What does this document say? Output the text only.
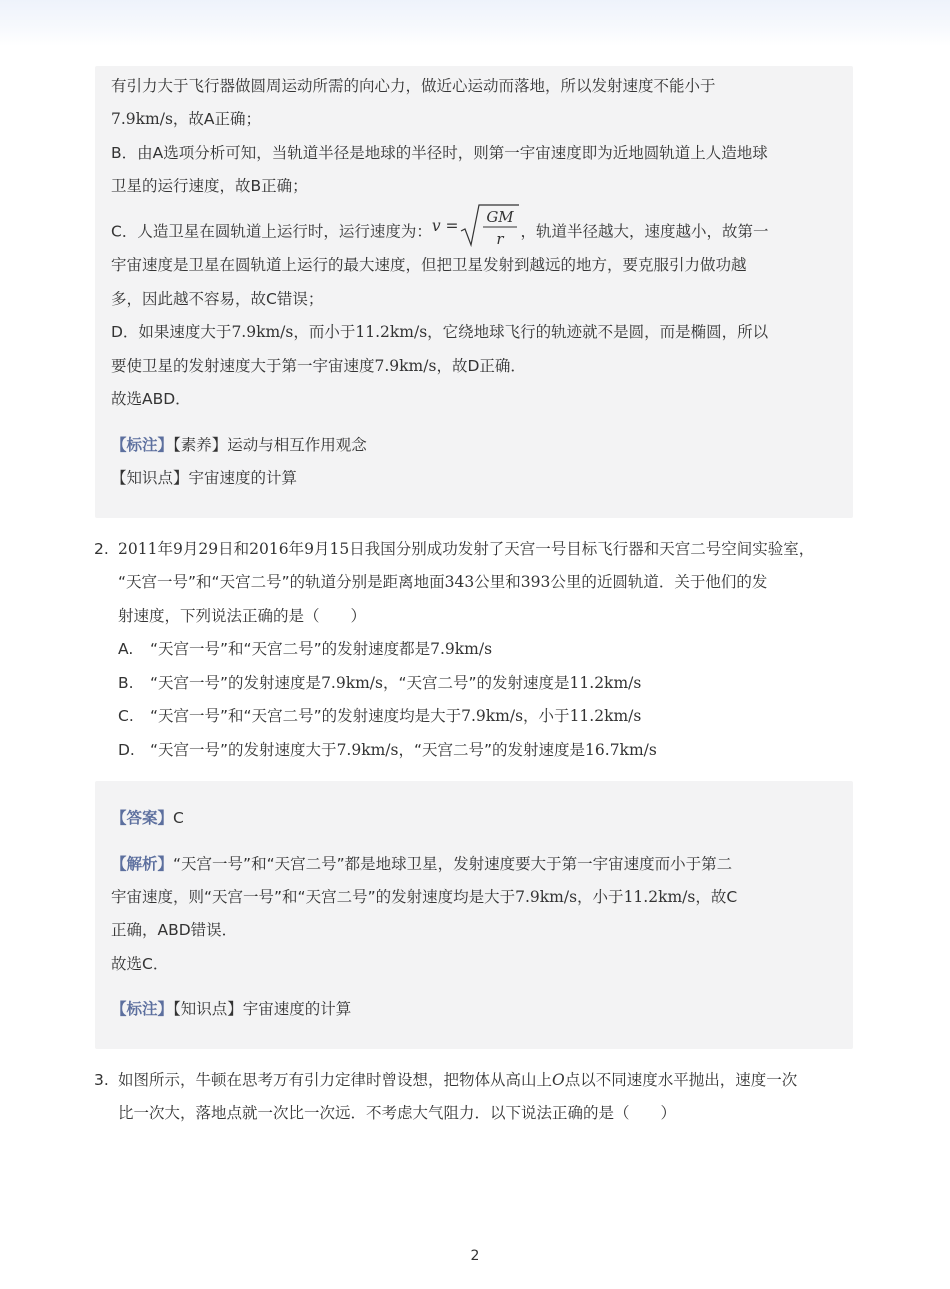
有引力大于飞行器做圆周运动所需的向心力，做近心运动而落地，所以发射速度不能小于
7.9km/s，故A正确；
B．由A选项分析可知，当轨道半径是地球的半径时，则第一宇宙速度即为近地圆轨道上人造地球
卫星的运行速度，故B正确；
C．人造卫星在圆轨道上运行时，运行速度为：v = GM
r ，轨道半径越大，速度越小，故第一
宇宙速度是卫星在圆轨道上运行的最大速度，但把卫星发射到越远的地方，要克服引力做功越
多，因此越不容易，故C错误；
D．如果速度大于7.9km/s，而小于11.2km/s，它绕地球飞行的轨迹就不是圆，而是椭圆，所以
要使卫星的发射速度大于第一宇宙速度7.9km/s，故D正确．
故选ABD．
【标注】【素养】运动与相互作用观念
【知识点】宇宙速度的计算
2. 2011年9月29日和2016年9月15日我国分别成功发射了天宫一号目标飞行器和天宫二号空间实验室，
“天宫一号”和“天宫二号”的轨道分别是距离地面343公里和393公里的近圆轨道．关于他们的发
射速度，下列说法正确的是（　　）
A. “天宫一号”和“天宫二号”的发射速度都是7.9km/s
B. “天宫一号”的发射速度是7.9km/s，“天宫二号”的发射速度是11.2km/s
C. “天宫一号”和“天宫二号”的发射速度均是大于7.9km/s，小于11.2km/s
D. “天宫一号”的发射速度大于7.9km/s，“天宫二号”的发射速度是16.7km/s
【答案】C
【解析】“天宫一号”和“天宫二号”都是地球卫星，发射速度要大于第一宇宙速度而小于第二
宇宙速度，则“天宫一号”和“天宫二号”的发射速度均是大于7.9km/s，小于11.2km/s，故C
正确，ABD错误．
故选C．
【标注】【知识点】宇宙速度的计算
3. 如图所示，牛顿在思考万有引力定律时曾设想，把物体从高山上O点以不同速度水平抛出，速度一次
比一次大，落地点就一次比一次远．不考虑大气阻力．以下说法正确的是（　　）
2
